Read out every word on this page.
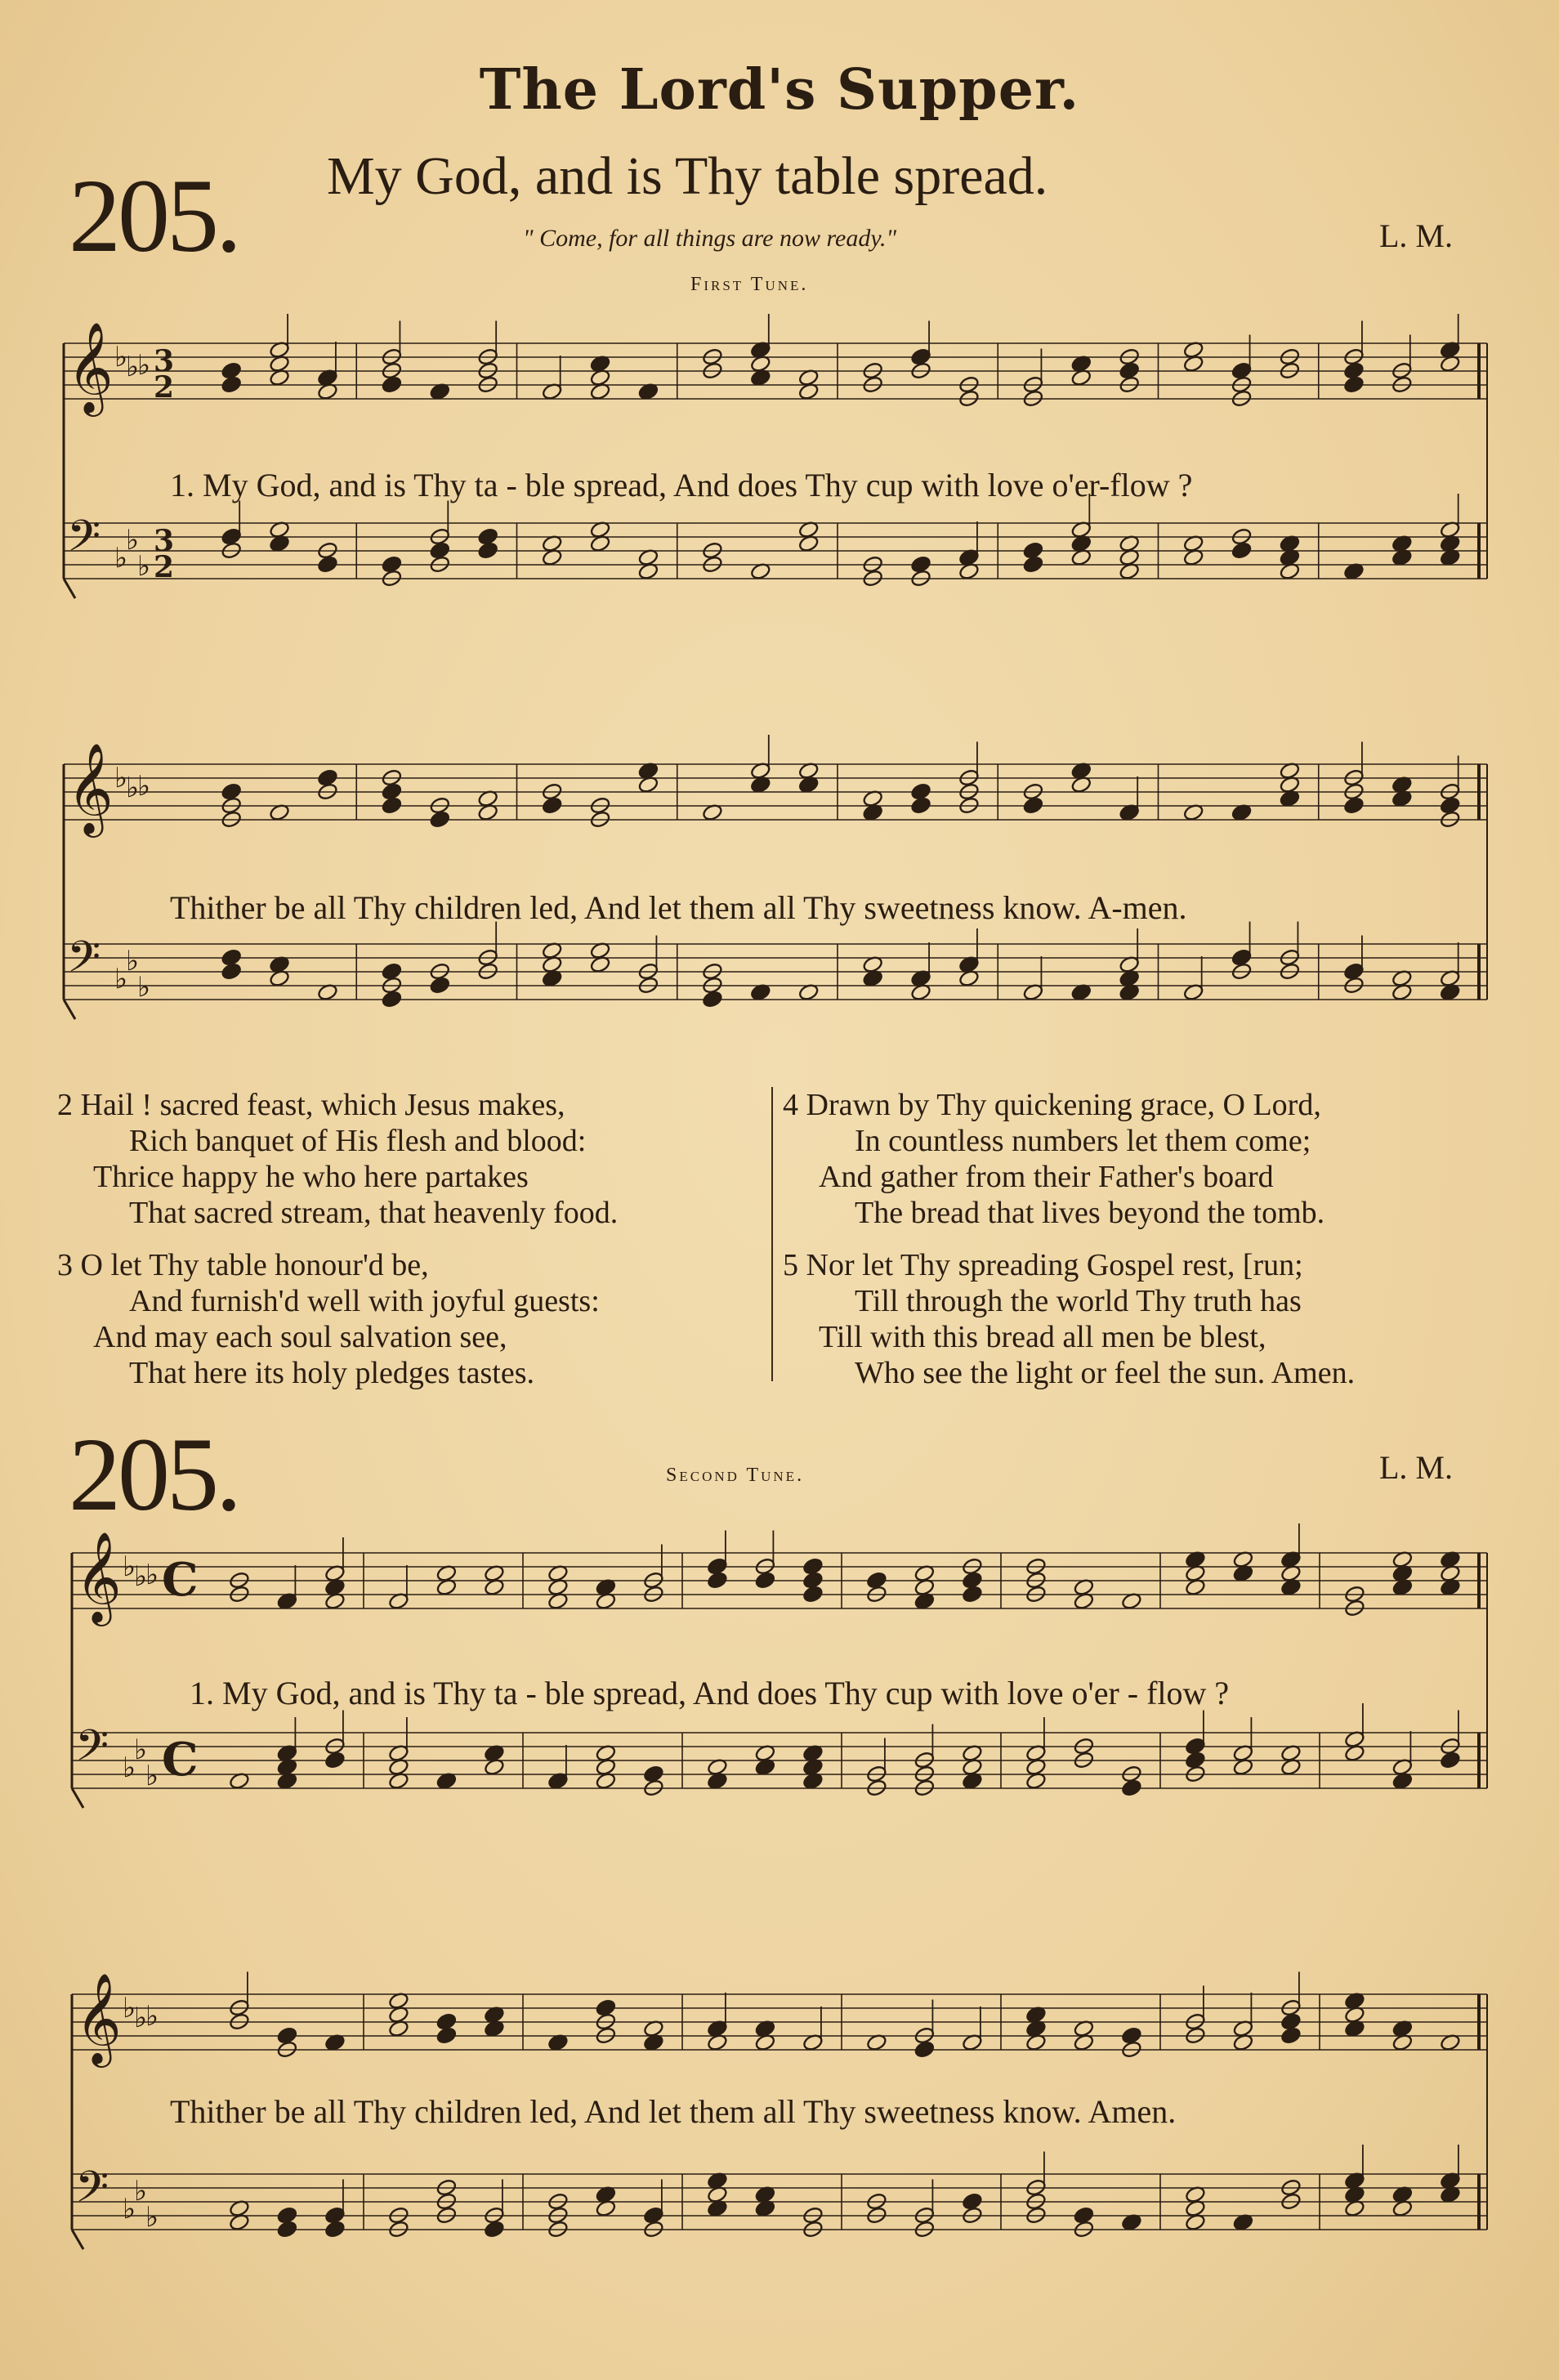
The Lord's Supper.
205. My God, and is Thy table spread.
" Come, for all things are now ready."	L. M.
First Tune.
𝄞 ♭
♭
♭ 3
2
𝄢 ♭
♭
♭
3
2
1. My God, and is Thy ta - ble spread, And does Thy cup with love o'er-flow ?
𝄞 ♭
♭
♭
𝄢 ♭
♭
♭
Thither be all Thy children led, And let them all Thy sweetness know. A-men.
2 Hail ! sacred feast, which Jesus makes,
Rich banquet of His flesh and blood:
Thrice happy he who here partakes
That sacred stream, that heavenly food.
3 O let Thy table honour'd be,
And furnish'd well with joyful guests:
And may each soul salvation see,
That here its holy pledges tastes.
4 Drawn by Thy quickening grace, O Lord,
In countless numbers let them come;
And gather from their Father's board
The bread that lives beyond the tomb.
5 Nor let Thy spreading Gospel rest, [run;
Till through the world Thy truth has
Till with this bread all men be blest,
Who see the light or feel the sun. Amen.
205.	Second Tune.	L. M.
𝄞 ♭
♭
♭ C
𝄢 ♭
♭
♭ C
1. My God, and is Thy ta - ble spread, And does Thy cup with love o'er - flow ?
𝄞 ♭
♭
♭
𝄢 ♭
♭
♭
Thither be all Thy children led, And let them all Thy sweetness know. Amen.
